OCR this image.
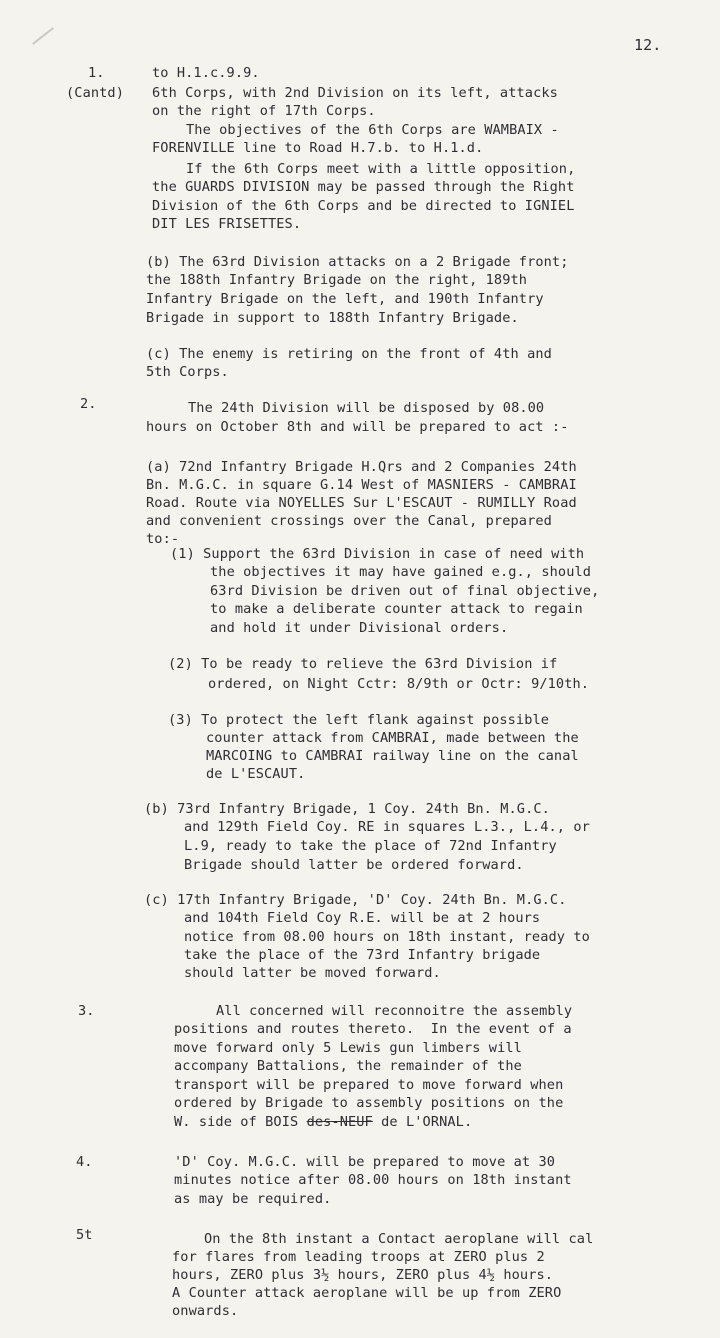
12.

1.

(Cantd)

to H.1.c.9.9.

6th Corps, with 2nd Division on its left, attacks

on the right of 17th Corps.

The objectives of the 6th Corps are WAMBAIX -

FORENVILLE line to Road H.7.b. to H.1.d.

If the 6th Corps meet with a little opposition,

the GUARDS DIVISION may be passed through the Right

Division of the 6th Corps and be directed to IGNIEL

DIT LES FRISETTES.

(b) The 63rd Division attacks on a 2 Brigade front;

the 188th Infantry Brigade on the right, 189th

Infantry Brigade on the left, and 190th Infantry

Brigade in support to 188th Infantry Brigade.

(c) The enemy is retiring on the front of 4th and

5th Corps.

2.	The 24th Division will be disposed by 08.00

hours on October 8th and will be prepared to act :-

(a) 72nd Infantry Brigade H.Qrs and 2 Companies 24th

Bn. M.G.C. in square G.14 West of MASNIERS - CAMBRAI

Road. Route via NOYELLES Sur L'ESCAUT - RUMILLY Road

and convenient crossings over the Canal, prepared

to:-

(1) Support the 63rd Division in case of need with

the objectives it may have gained e.g., should

63rd Division be driven out of final objective,

to make a deliberate counter attack to regain

and hold it under Divisional orders.

(2) To be ready to relieve the 63rd Division if

ordered, on Night Cctr: 8/9th or Octr: 9/10th.

(3) To protect the left flank against possible

counter attack from CAMBRAI, made between the

MARCOING to CAMBRAI railway line on the canal

de L'ESCAUT.

(b) 73rd Infantry Brigade, 1 Coy. 24th Bn. M.G.C.

and 129th Field Coy. RE in squares L.3., L.4., or

L.9, ready to take the place of 72nd Infantry

Brigade should latter be ordered forward.

(c) 17th Infantry Brigade, 'D' Coy. 24th Bn. M.G.C.

and 104th Field Coy R.E. will be at 2 hours

notice from 08.00 hours on 18th instant, ready to

take the place of the 73rd Infantry brigade

should latter be moved forward.

3.	All concerned will reconnoitre the assembly

positions and routes thereto.  In the event of a

move forward only 5 Lewis gun limbers will

accompany Battalions, the remainder of the

transport will be prepared to move forward when

ordered by Brigade to assembly positions on the

W. side of BOIS des-NEUF de L'ORNAL.

4.	'D' Coy. M.G.C. will be prepared to move at 30

minutes notice after 08.00 hours on 18th instant

as may be required.

5t	On the 8th instant a Contact aeroplane will cal

for flares from leading troops at ZERO plus 2

hours, ZERO plus 3½ hours, ZERO plus 4½ hours.

A Counter attack aeroplane will be up from ZERO

onwards.
